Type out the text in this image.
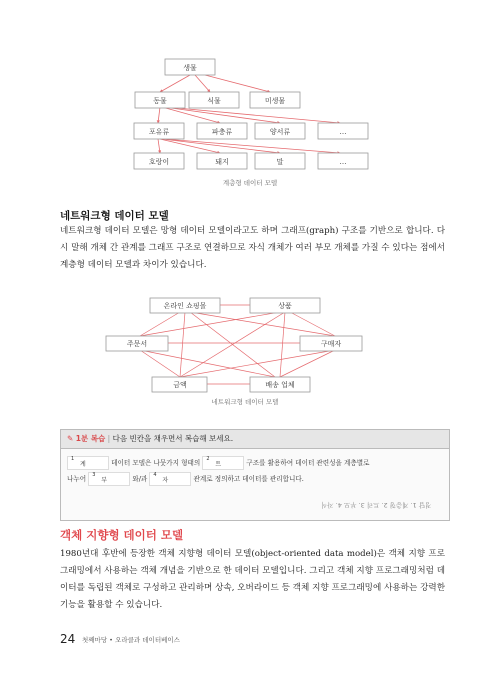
생물
동물	식물	미생물
포유류	파충류	양서류	…
호랑이	돼지	말	…
온라인 쇼핑몰	상품
주문서	구매자
금액	배송 업체
계층형 데이터 모델
네트워크형 데이터 모델
네트워크형 데이터 모델은 망형 데이터 모델이라고도 하며 그래프(graph) 구조를 기반으로 합니다. 다시 말해 개체 간 관계를 그래프 구조로 연결하므로 자식 개체가 여러 부모 개체를 가질 수 있다는 점에서 계층형 데이터 모델과 차이가 있습니다.
네트워크형 데이터 모델
✎ 1분 복습 | 다음 빈칸을 채우면서 복습해 보세요.
1
계	데이터 모델은 나뭇가지 형태의 2
트	구조를 활용하여 데이터 관련성을 계층별로
나누어 3
부	와/과 4
자	관계로 정의하고 데이터를 관리합니다.
정답 1. 계층형 2. 트리 3. 부모 4. 자식
객체 지향형 데이터 모델
1980년대 후반에 등장한 객체 지향형 데이터 모델(object-oriented data model)은 객체 지향 프로그래밍에서 사용하는 객체 개념을 기반으로 한 데이터 모델입니다. 그리고 객체 지향 프로그래밍처럼 데이터를 독립된 객체로 구성하고 관리하며 상속, 오버라이드 등 객체 지향 프로그래밍에 사용하는 강력한 기능을 활용할 수 있습니다.
24 첫째마당 • 오라클과 데이터베이스
